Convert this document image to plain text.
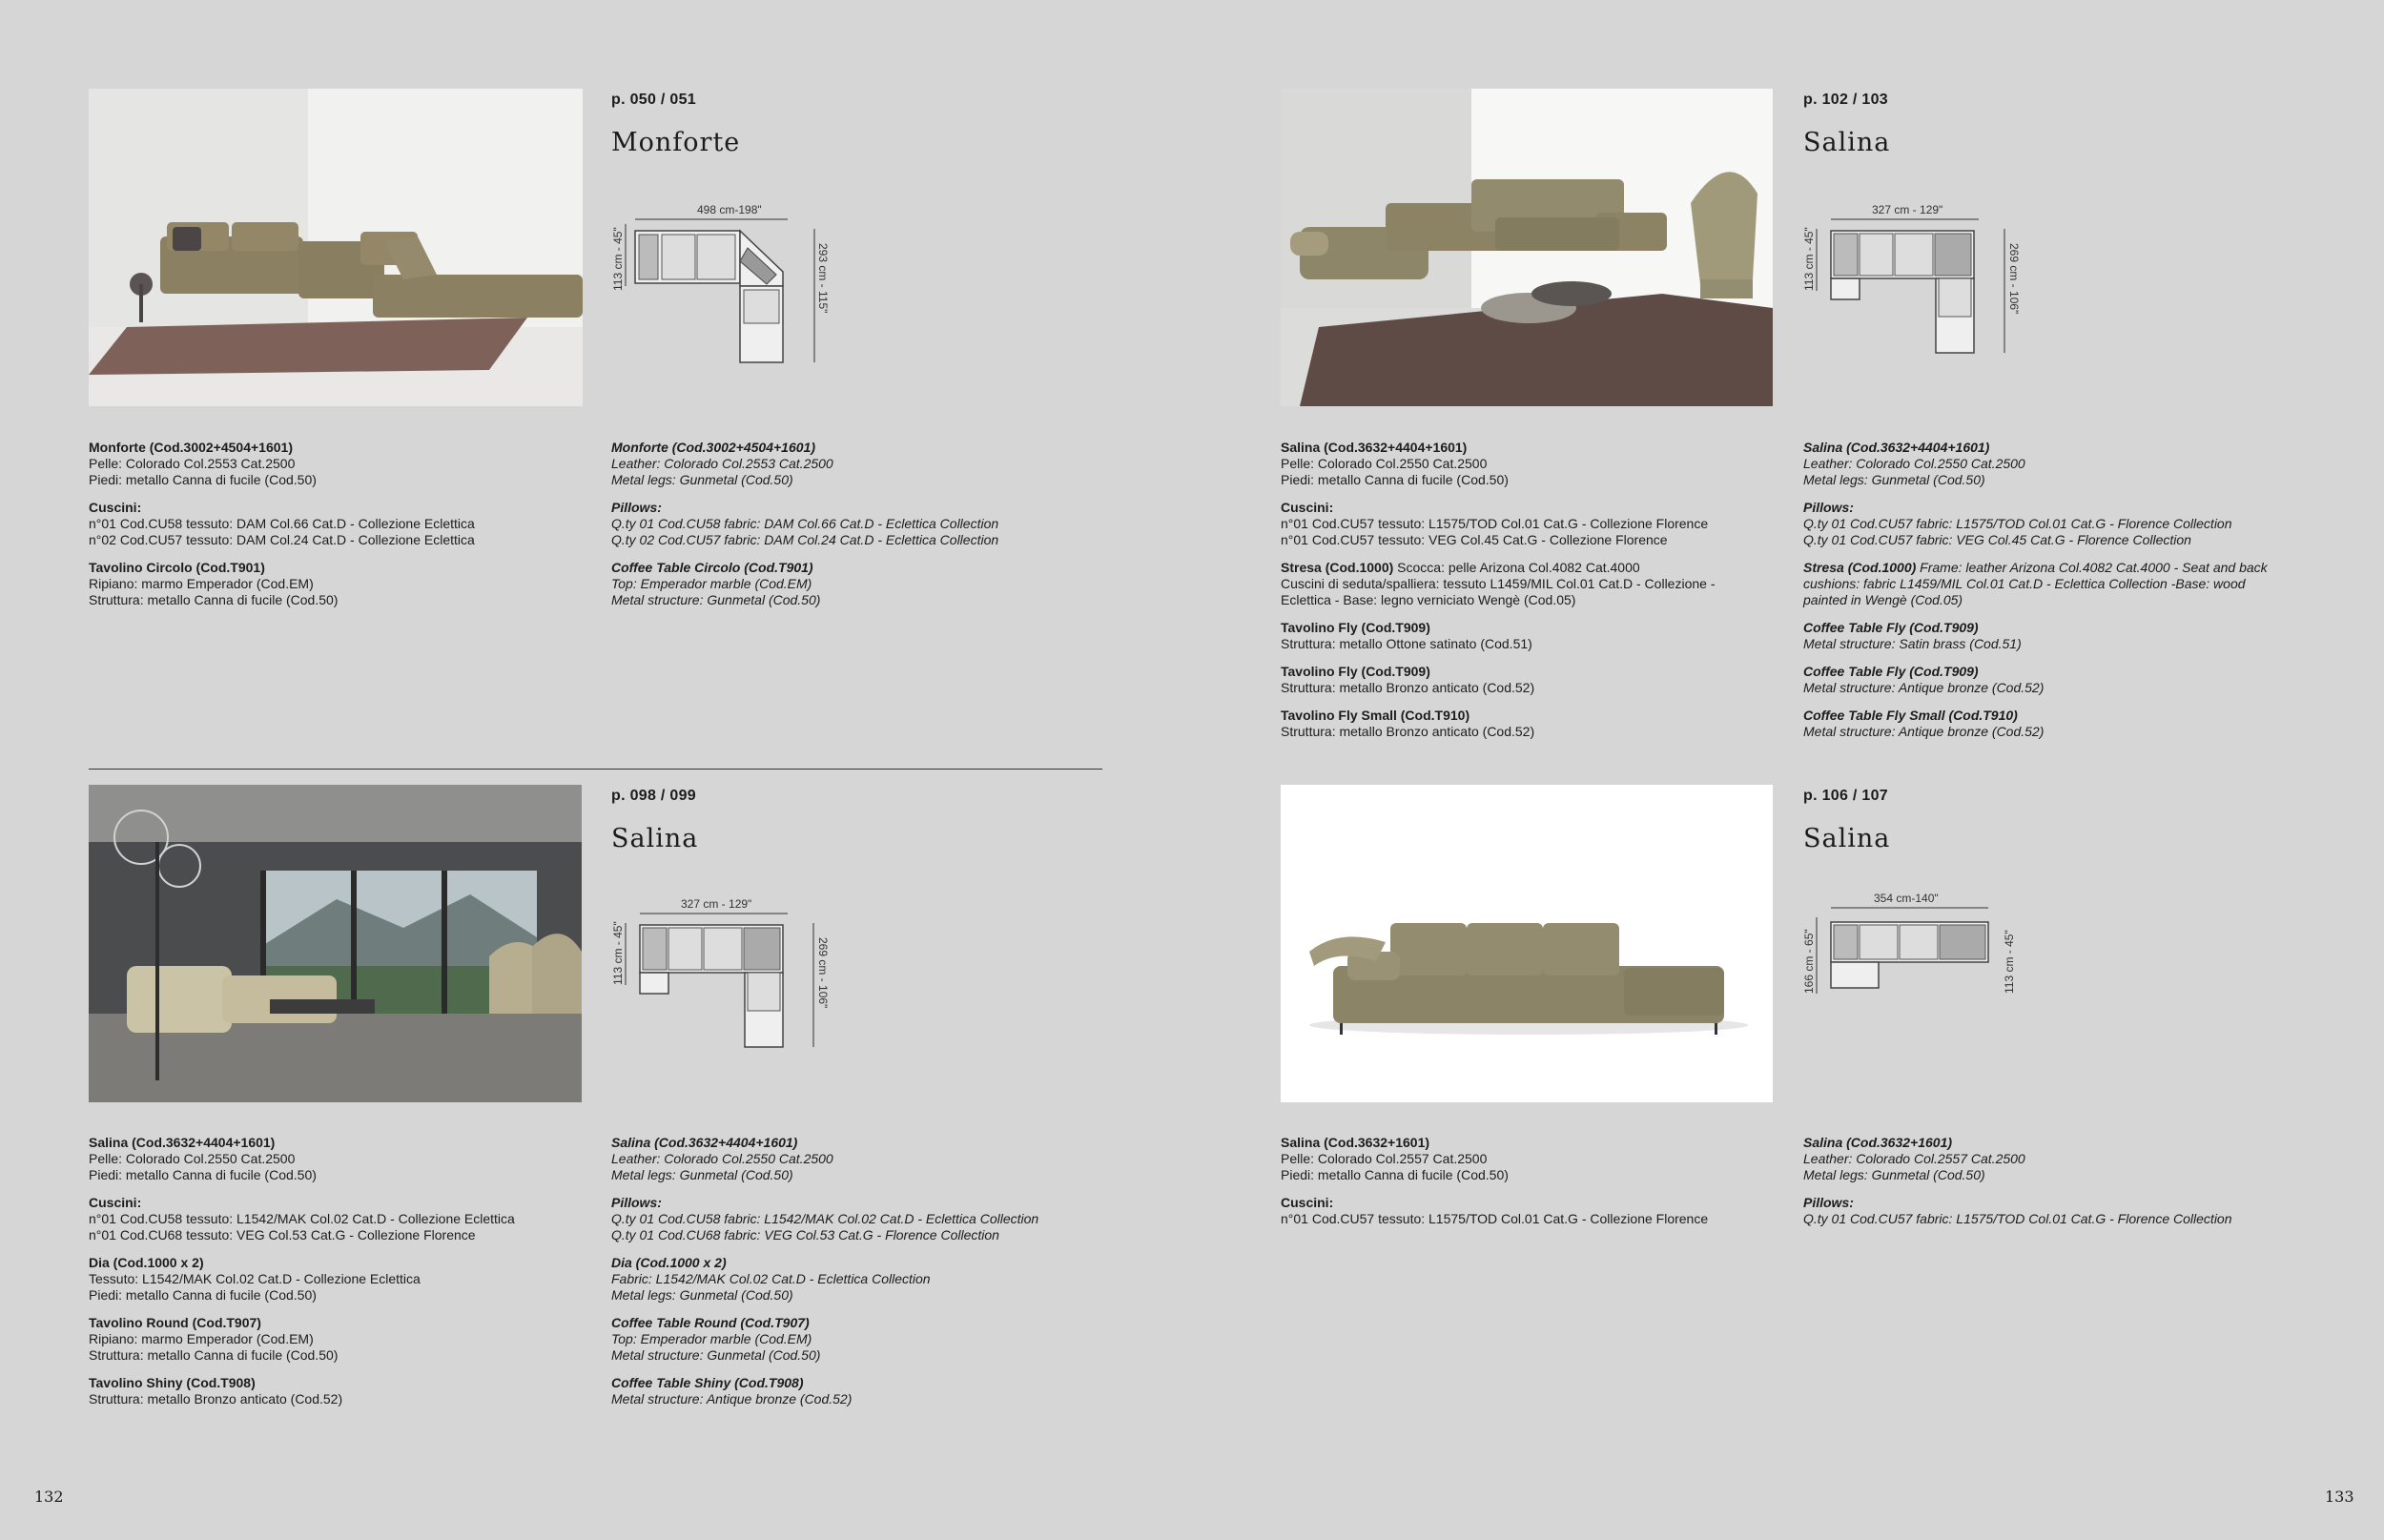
p. 050 / 051
Monforte
498 cm-198"
113 cm - 45"	293 cm - 115"

Monforte (Cod.3002+4504+1601)
Pelle: Colorado Col.2553 Cat.2500
Piedi: metallo Canna di fucile (Cod.50)

Cuscini:
n°01 Cod.CU58 tessuto: DAM Col.66 Cat.D - Collezione Eclettica
n°02 Cod.CU57 tessuto: DAM Col.24 Cat.D - Collezione Eclettica

Tavolino Circolo (Cod.T901)
Ripiano: marmo Emperador (Cod.EM)
Struttura: metallo Canna di fucile (Cod.50)

Monforte (Cod.3002+4504+1601)
Leather: Colorado Col.2553 Cat.2500
Metal legs: Gunmetal (Cod.50)

Pillows:
Q.ty 01 Cod.CU58 fabric: DAM Col.66 Cat.D - Eclettica Collection
Q.ty 02 Cod.CU57 fabric: DAM Col.24 Cat.D - Eclettica Collection

Coffee Table Circolo (Cod.T901)
Top: Emperador marble (Cod.EM)
Metal structure: Gunmetal (Cod.50)

p. 102 / 103
Salina
327 cm - 129"
113 cm - 45"	269 cm - 106"

Salina (Cod.3632+4404+1601)
Pelle: Colorado Col.2550 Cat.2500
Piedi: metallo Canna di fucile (Cod.50)

Cuscini:
n°01 Cod.CU57 tessuto: L1575/TOD Col.01 Cat.G - Collezione Florence
n°01 Cod.CU57 tessuto: VEG Col.45 Cat.G - Collezione Florence

Stresa (Cod.1000) Scocca: pelle Arizona Col.4082 Cat.4000
Cuscini di seduta/spalliera: tessuto L1459/MIL Col.01 Cat.D - Collezione -
Eclettica - Base: legno verniciato Wengè (Cod.05)

Tavolino Fly (Cod.T909)
Struttura: metallo Ottone satinato (Cod.51)

Tavolino Fly (Cod.T909)
Struttura: metallo Bronzo anticato (Cod.52)

Tavolino Fly Small (Cod.T910)
Struttura: metallo Bronzo anticato (Cod.52)

Salina (Cod.3632+4404+1601)
Leather: Colorado Col.2550 Cat.2500
Metal legs: Gunmetal (Cod.50)

Pillows:
Q.ty 01 Cod.CU57 fabric: L1575/TOD Col.01 Cat.G - Florence Collection
Q.ty 01 Cod.CU57 fabric: VEG Col.45 Cat.G - Florence Collection

Stresa (Cod.1000) Frame: leather Arizona Col.4082 Cat.4000 - Seat and back
cushions: fabric L1459/MIL Col.01 Cat.D - Eclettica Collection -Base: wood
painted in Wengè (Cod.05)

Coffee Table Fly (Cod.T909)
Metal structure: Satin brass (Cod.51)

Coffee Table Fly (Cod.T909)
Metal structure: Antique bronze (Cod.52)

Coffee Table Fly Small (Cod.T910)
Metal structure: Antique bronze (Cod.52)

p. 098 / 099
Salina
327 cm - 129"
113 cm - 45"	269 cm - 106"

Salina (Cod.3632+4404+1601)
Pelle: Colorado Col.2550 Cat.2500
Piedi: metallo Canna di fucile (Cod.50)

Cuscini:
n°01 Cod.CU58 tessuto: L1542/MAK Col.02 Cat.D - Collezione Eclettica
n°01 Cod.CU68 tessuto: VEG Col.53 Cat.G - Collezione Florence

Dia (Cod.1000 x 2)
Tessuto: L1542/MAK Col.02 Cat.D - Collezione Eclettica
Piedi: metallo Canna di fucile (Cod.50)

Tavolino Round (Cod.T907)
Ripiano: marmo Emperador (Cod.EM)
Struttura: metallo Canna di fucile (Cod.50)

Tavolino Shiny (Cod.T908)
Struttura: metallo Bronzo anticato (Cod.52)

Salina (Cod.3632+4404+1601)
Leather: Colorado Col.2550 Cat.2500
Metal legs: Gunmetal (Cod.50)

Pillows:
Q.ty 01 Cod.CU58 fabric: L1542/MAK Col.02 Cat.D - Eclettica Collection
Q.ty 01 Cod.CU68 fabric: VEG Col.53 Cat.G - Florence Collection

Dia (Cod.1000 x 2)
Fabric: L1542/MAK Col.02 Cat.D - Eclettica Collection
Metal legs: Gunmetal (Cod.50)

Coffee Table Round (Cod.T907)
Top: Emperador marble (Cod.EM)
Metal structure: Gunmetal (Cod.50)

Coffee Table Shiny (Cod.T908)
Metal structure: Antique bronze (Cod.52)

p. 106 / 107
Salina
354 cm-140"
166 cm - 65"	113 cm - 45"

Salina (Cod.3632+1601)
Pelle: Colorado Col.2557 Cat.2500
Piedi: metallo Canna di fucile (Cod.50)

Cuscini:
n°01 Cod.CU57 tessuto: L1575/TOD Col.01 Cat.G - Collezione Florence

Salina (Cod.3632+1601)
Leather: Colorado Col.2557 Cat.2500
Metal legs: Gunmetal (Cod.50)

Pillows:
Q.ty 01 Cod.CU57 fabric: L1575/TOD Col.01 Cat.G - Florence Collection

132	133
